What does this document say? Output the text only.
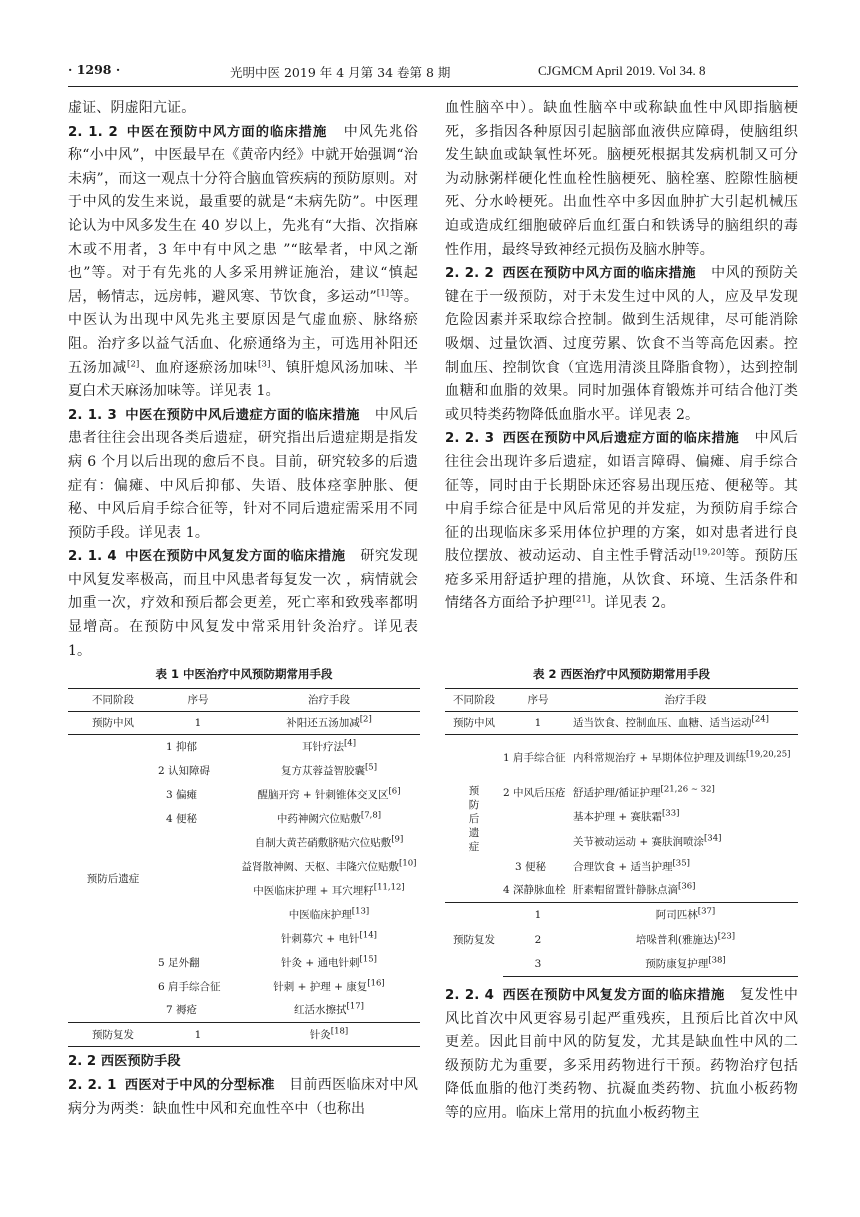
· 1298 ·	光明中医 2019 年 4 月第 34 卷第 8 期	CJGMCM April 2019. Vol 34. 8

虚证、阴虚阳亢证。

2. 1. 2 中医在预防中风方面的临床措施 中风先兆俗称“小中风”，中医最早在《黄帝内经》中就开始强调“治未病”，而这一观点十分符合脑血管疾病的预防原则。对于中风的发生来说，最重要的就是“未病先防”。中医理论认为中风多发生在 40 岁以上，先兆有“大指、次指麻木或不用者，3 年中有中风之患 ”“眩晕者，中风之渐也”等。对于有先兆的人多采用辨证施治，建议“慎起居，畅情志，远房帏，避风寒、节饮食，多运动”[1]等。中医认为出现中风先兆主要原因是气虚血瘀、脉络瘀阻。治疗多以益气活血、化瘀通络为主，可选用补阳还五汤加减[2]、血府逐瘀汤加味[3]、镇肝熄风汤加味、半夏白术天麻汤加味等。详见表 1。

2. 1. 3 中医在预防中风后遗症方面的临床措施 中风后患者往往会出现各类后遗症，研究指出后遗症期是指发病 6 个月以后出现的愈后不良。目前，研究较多的后遗症有：偏瘫、中风后抑郁、失语、肢体痉挛肿胀、便秘、中风后肩手综合征等，针对不同后遗症需采用不同预防手段。详见表 1。

2. 1. 4 中医在预防中风复发方面的临床措施 研究发现中风复发率极高，而且中风患者每复发一次 ，病情就会加重一次，疗效和预后都会更差，死亡率和致残率都明显增高。在预防中风复发中常采用针灸治疗。详见表 1。

血性脑卒中）。缺血性脑卒中或称缺血性中风即指脑梗死，多指因各种原因引起脑部血液供应障碍，使脑组织发生缺血或缺氧性坏死。脑梗死根据其发病机制又可分为动脉粥样硬化性血栓性脑梗死、脑栓塞、腔隙性脑梗死、分水岭梗死。出血性卒中多因血肿扩大引起机械压迫或造成红细胞破碎后血红蛋白和铁诱导的脑组织的毒性作用，最终导致神经元损伤及脑水肿等。

2. 2. 2 西医在预防中风方面的临床措施 中风的预防关键在于一级预防，对于未发生过中风的人，应及早发现危险因素并采取综合控制。做到生活规律，尽可能消除吸烟、过量饮酒、过度劳累、饮食不当等高危因素。控制血压、控制饮食（宜选用清淡且降脂食物），达到控制血糖和血脂的效果。同时加强体育锻炼并可结合他汀类或贝特类药物降低血脂水平。详见表 2。

2. 2. 3 西医在预防中风后遗症方面的临床措施 中风后往往会出现许多后遗症，如语言障碍、偏瘫、肩手综合征等，同时由于长期卧床还容易出现压疮、便秘等。其中肩手综合征是中风后常见的并发症，为预防肩手综合征的出现临床多采用体位护理的方案，如对患者进行良肢位摆放、被动运动、自主性手臂活动[19,20]等。预防压疮多采用舒适护理的措施，从饮食、环境、生活条件和情绪各方面给予护理[21]。详见表 2。

表 1 中医治疗中风预防期常用手段
不同阶段	序号	治疗手段
预防中风	1	补阳还五汤加减[2]
预防后遗症	1 抑郁	耳针疗法[4]
	2 认知障碍	复方苁蓉益智胶囊[5]
	3 偏瘫	醒脑开窍 + 针刺锥体交叉区[6]
	4 便秘	中药神阙穴位贴敷[7,8]
		自制大黄芒硝敷脐贴穴位贴敷[9]
		益肾散神阙、天枢、丰隆穴位贴敷[10]
		中医临床护理 + 耳穴埋籽[11,12]
		中医临床护理[13]
		针刺募穴 + 电针[14]
	5 足外翻	针灸 + 通电针刺[15]
	6 肩手综合征	针刺 + 护理 + 康复[16]
	7 褥疮	红活水擦拭[17]
预防复发	1	针灸[18]
表 2 西医治疗中风预防期常用手段
不同阶段	序号	治疗手段
预防中风	1	适当饮食、控制血压、血糖、适当运动[24]
预防后遗症	1 肩手综合征	内科常规治疗 + 早期体位护理及训练[19,20,25]
	2 中风后压疮	舒适护理/循证护理[21,26 ~ 32]
		基本护理 + 赛肤霜[33]
		关节被动运动 + 赛肤润喷涂[34]
	3 便秘	合理饮食 + 适当护理[35]
	4 深静脉血栓	肝素帽留置针静脉点滴[36]
预防复发	1	阿司匹林[37]
	2	培哚普利(雅施达)[23]
	3	预防康复护理[38]
2. 2 西医预防手段

2. 2. 1 西医对于中风的分型标准 目前西医临床对中风病分为两类：缺血性中风和充血性卒中（也称出

2. 2. 4 西医在预防中风复发方面的临床措施 复发性中风比首次中风更容易引起严重残疾，且预后比首次中风更差。因此目前中风的防复发，尤其是缺血性中风的二级预防尤为重要，多采用药物进行干预。药物治疗包括降低血脂的他汀类药物、抗凝血类药物、抗血小板药物等的应用。临床上常用的抗血小板药物主
